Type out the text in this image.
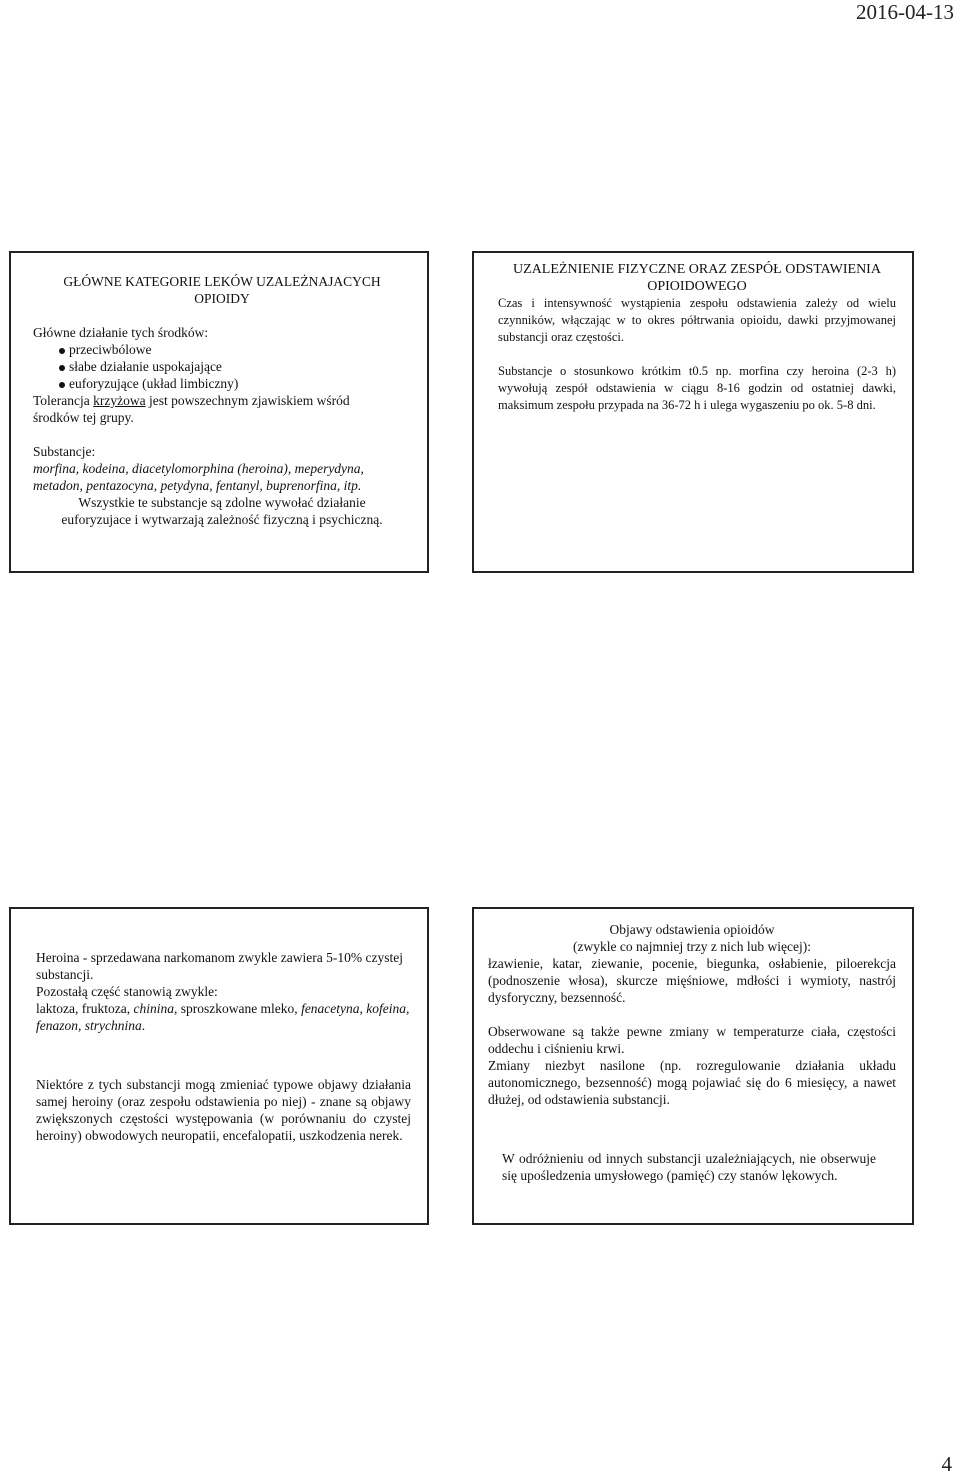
2016-04-13

GŁÓWNE KATEGORIE LEKÓW UZALEŻNAJACYCH

OPIOIDY

Główne działanie tych środków:

przeciwbólowe
słabe działanie uspokajające
euforyzujące (układ limbiczny)

Tolerancja krzyżowa jest powszechnym zjawiskiem wśród

środków tej grupy.

Substancje:

morfina, kodeina, diacetylomorphina (heroina), meperydyna,

metadon, pentazocyna, petydyna, fentanyl, buprenorfina, itp.

Wszystkie te substancje są zdolne wywołać działanie

euforyzujace i wytwarzają zależność fizyczną i psychiczną.

UZALEŻNIENIE FIZYCZNE ORAZ ZESPÓŁ ODSTAWIENIA

OPIOIDOWEGO

Czas i intensywność wystąpienia zespołu odstawienia zależy od wielu czynników, włączając w to okres półtrwania opioidu, dawki przyjmowanej substancji oraz częstości.

Substancje o stosunkowo krótkim t0.5 np. morfina czy heroina (2-3 h) wywołują zespół odstawienia w ciągu 8-16 godzin od ostatniej dawki, maksimum zespołu przypada na 36-72 h i ulega wygaszeniu po ok. 5-8 dni.

Heroina - sprzedawana narkomanom zwykle zawiera 5-10% czystej substancji.

Pozostałą część stanowią zwykle:

laktoza, fruktoza, chinina, sproszkowane mleko, fenacetyna, kofeina, fenazon, strychnina.

Niektóre z tych substancji mogą zmieniać typowe objawy działania samej heroiny (oraz zespołu odstawienia po niej) - znane są objawy zwiększonych częstości występowania (w porównaniu do czystej heroiny) obwodowych neuropatii, encefalopatii, uszkodzenia nerek.

Objawy odstawienia opioidów

(zwykle co najmniej trzy z nich lub więcej):

łzawienie, katar, ziewanie, pocenie, biegunka, osłabienie, piloerekcja (podnoszenie włosa), skurcze mięśniowe, mdłości i wymioty, nastrój dysforyczny, bezsenność.

Obserwowane są także pewne zmiany w temperaturze ciała, częstości oddechu i ciśnieniu krwi.

Zmiany niezbyt nasilone (np. rozregulowanie działania układu autonomicznego, bezsenność) mogą pojawiać się do 6 miesięcy, a nawet dłużej, od odstawienia substancji.

W odróżnieniu od innych substancji uzależniających, nie obserwuje się upośledzenia umysłowego (pamięć) czy stanów lękowych.

4
